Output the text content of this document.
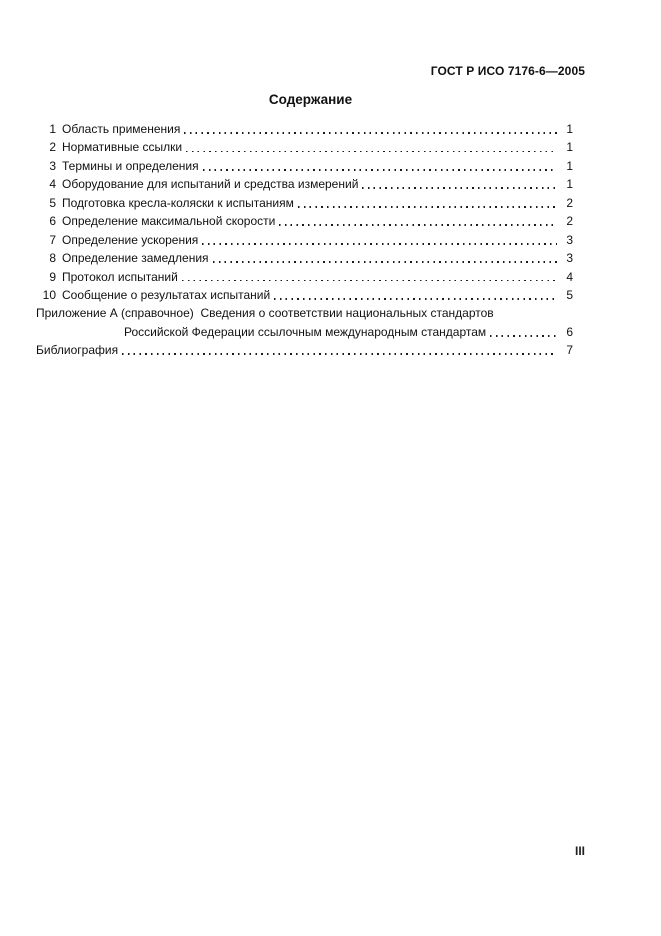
ГОСТ Р ИСО 7176-6—2005
Содержание
1 Область применения	1
2 Нормативные ссылки	1
3 Термины и определения	1
4 Оборудование для испытаний и средства измерений	1
5 Подготовка кресла-коляски к испытаниям	2
6 Определение максимальной скорости	2
7 Определение ускорения	3
8 Определение замедления	3
9 Протокол испытаний	4
10 Сообщение о результатах испытаний	5
Приложение А (справочное)  Сведения о соответствии национальных стандартов
Российской Федерации ссылочным международным стандартам	6
Библиография	7
III
